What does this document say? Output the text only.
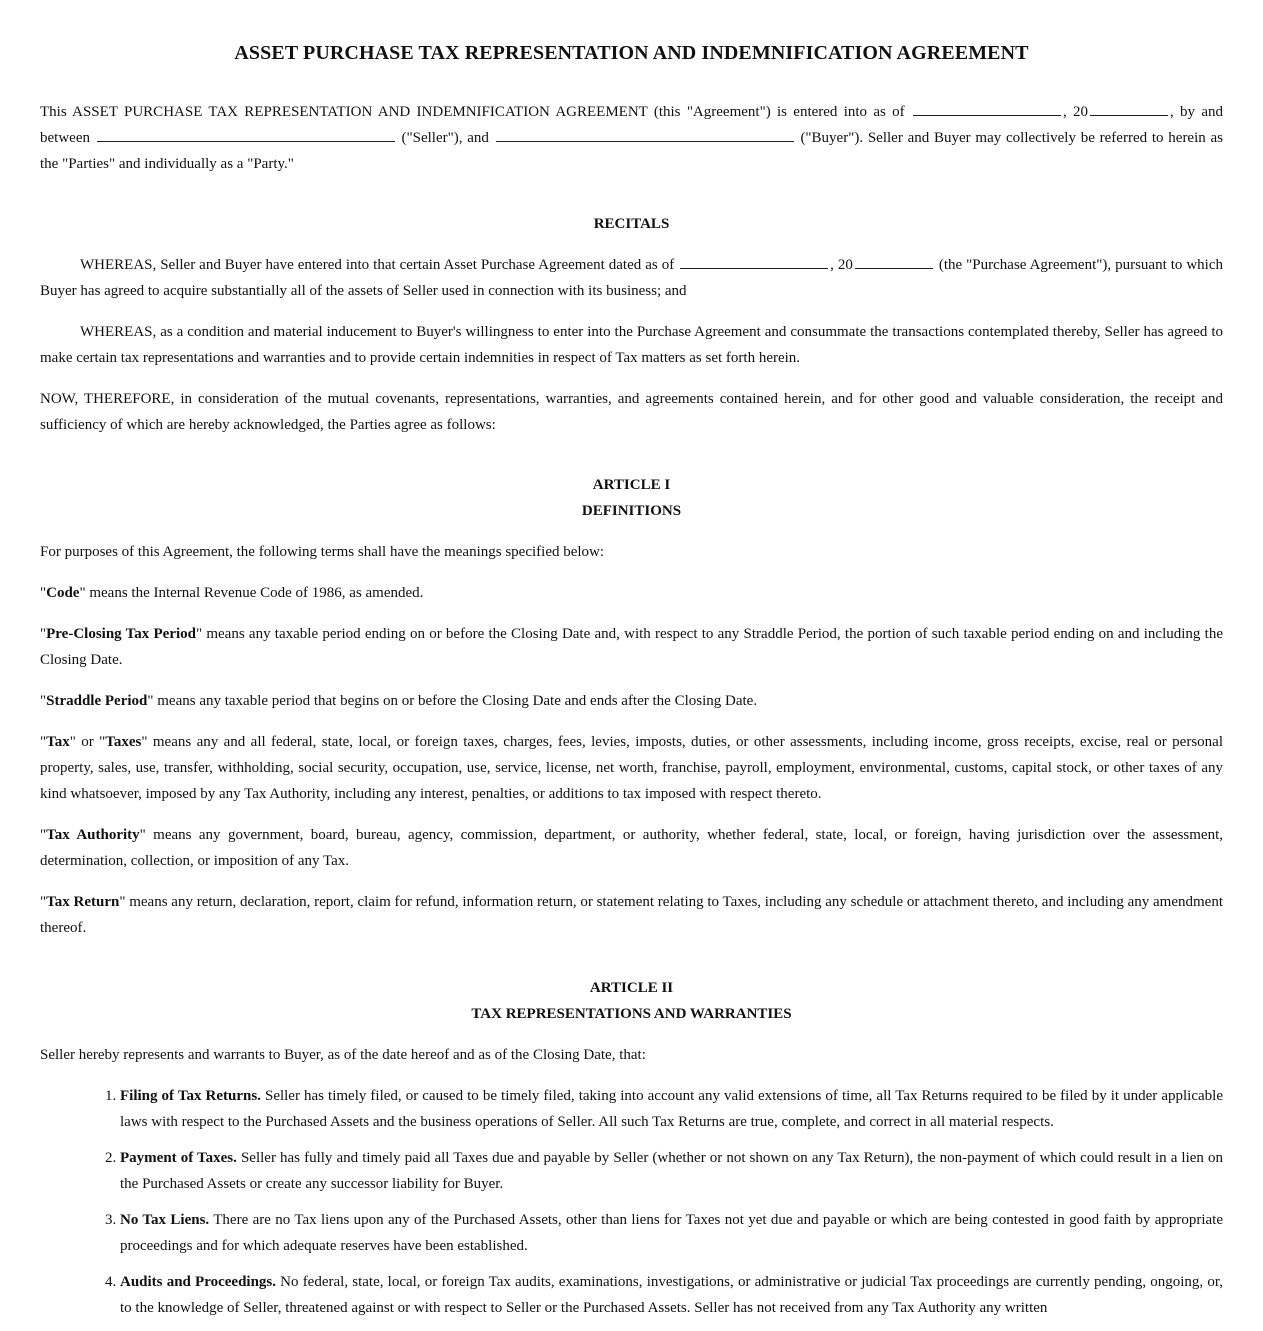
ASSET PURCHASE TAX REPRESENTATION AND INDEMNIFICATION AGREEMENT

This ASSET PURCHASE TAX REPRESENTATION AND INDEMNIFICATION AGREEMENT (this "Agreement") is entered into as of	, 20	, by and between	("Seller"), and	("Buyer"). Seller and Buyer may collectively be referred to herein as the "Parties" and individually as a "Party."

RECITALS

WHEREAS, Seller and Buyer have entered into that certain Asset Purchase Agreement dated as of	, 20	(the "Purchase Agreement"), pursuant to which Buyer has agreed to acquire substantially all of the assets of Seller used in connection with its business; and

WHEREAS, as a condition and material inducement to Buyer's willingness to enter into the Purchase Agreement and consummate the transactions contemplated thereby, Seller has agreed to make certain tax representations and warranties and to provide certain indemnities in respect of Tax matters as set forth herein.

NOW, THEREFORE, in consideration of the mutual covenants, representations, warranties, and agreements contained herein, and for other good and valuable consideration, the receipt and sufficiency of which are hereby acknowledged, the Parties agree as follows:

ARTICLE I
DEFINITIONS

For purposes of this Agreement, the following terms shall have the meanings specified below:

"Code" means the Internal Revenue Code of 1986, as amended.

"Pre-Closing Tax Period" means any taxable period ending on or before the Closing Date and, with respect to any Straddle Period, the portion of such taxable period ending on and including the Closing Date.

"Straddle Period" means any taxable period that begins on or before the Closing Date and ends after the Closing Date.

"Tax" or "Taxes" means any and all federal, state, local, or foreign taxes, charges, fees, levies, imposts, duties, or other assessments, including income, gross receipts, excise, real or personal property, sales, use, transfer, withholding, social security, occupation, use, service, license, net worth, franchise, payroll, employment, environmental, customs, capital stock, or other taxes of any kind whatsoever, imposed by any Tax Authority, including any interest, penalties, or additions to tax imposed with respect thereto.

"Tax Authority" means any government, board, bureau, agency, commission, department, or authority, whether federal, state, local, or foreign, having jurisdiction over the assessment, determination, collection, or imposition of any Tax.

"Tax Return" means any return, declaration, report, claim for refund, information return, or statement relating to Taxes, including any schedule or attachment thereto, and including any amendment thereof.

ARTICLE II
TAX REPRESENTATIONS AND WARRANTIES

Seller hereby represents and warrants to Buyer, as of the date hereof and as of the Closing Date, that:

1. Filing of Tax Returns. Seller has timely filed, or caused to be timely filed, taking into account any valid extensions of time, all Tax Returns required to be filed by it under applicable laws with respect to the Purchased Assets and the business operations of Seller. All such Tax Returns are true, complete, and correct in all material respects.
2. Payment of Taxes. Seller has fully and timely paid all Taxes due and payable by Seller (whether or not shown on any Tax Return), the non-payment of which could result in a lien on the Purchased Assets or create any successor liability for Buyer.
3. No Tax Liens. There are no Tax liens upon any of the Purchased Assets, other than liens for Taxes not yet due and payable or which are being contested in good faith by appropriate proceedings and for which adequate reserves have been established.
4. Audits and Proceedings. No federal, state, local, or foreign Tax audits, examinations, investigations, or administrative or judicial Tax proceedings are currently pending, ongoing, or, to the knowledge of Seller, threatened against or with respect to Seller or the Purchased Assets. Seller has not received from any Tax Authority any written
